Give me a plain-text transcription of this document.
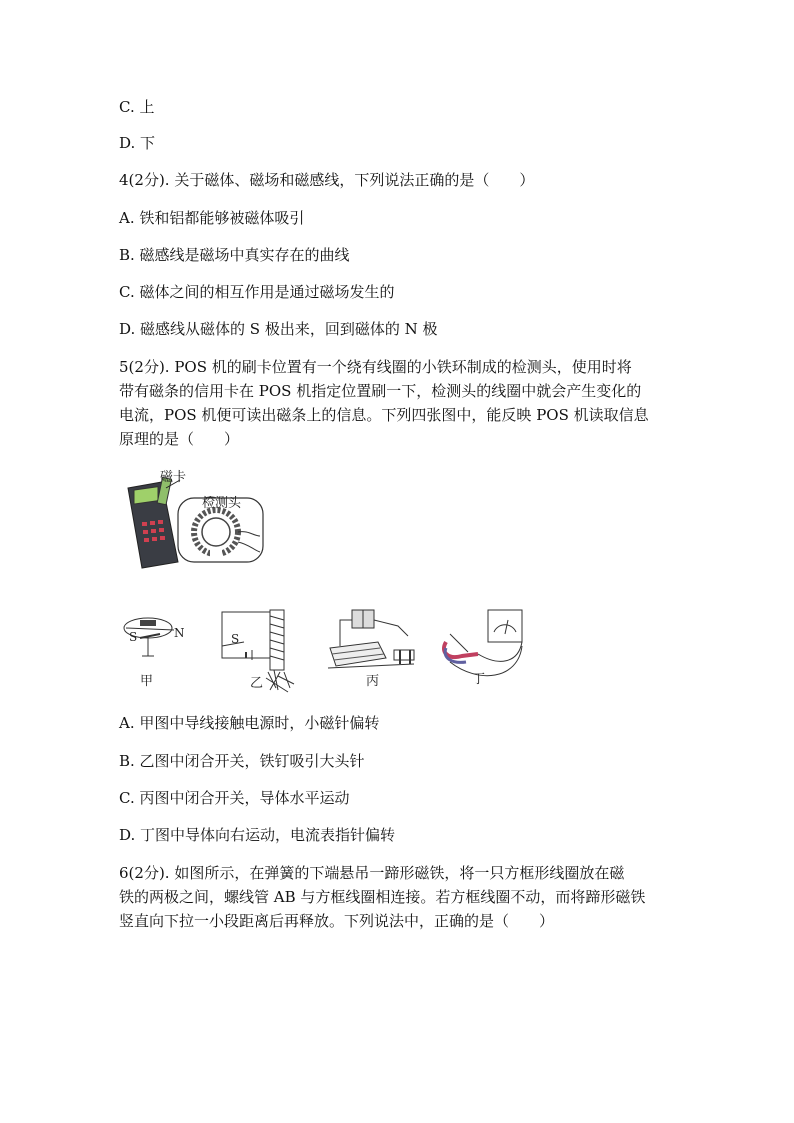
C. 上
D. 下
4(2分). 关于磁体、磁场和磁感线，下列说法正确的是（　　）
A. 铁和铝都能够被磁体吸引
B. 磁感线是磁场中真实存在的曲线
C. 磁体之间的相互作用是通过磁场发生的
D. 磁感线从磁体的 S 极出来，回到磁体的 N 极
5(2分). POS 机的刷卡位置有一个绕有线圈的小铁环制成的检测头，使用时将
带有磁条的信用卡在 POS 机指定位置刷一下，检测头的线圈中就会产生变化的
电流，POS 机便可读出磁条上的信息。下列四张图中，能反映 POS 机读取信息
原理的是（　　）
磁卡
检测头
S	N	S
甲	乙	丙	丁
A. 甲图中导线接触电源时，小磁针偏转
B. 乙图中闭合开关，铁钉吸引大头针
C. 丙图中闭合开关，导体水平运动
D. 丁图中导体向右运动，电流表指针偏转
6(2分). 如图所示，在弹簧的下端悬吊一蹄形磁铁，将一只方框形线圈放在磁
铁的两极之间，螺线管 AB 与方框线圈相连接。若方框线圈不动，而将蹄形磁铁
竖直向下拉一小段距离后再释放。下列说法中，正确的是（　　）
